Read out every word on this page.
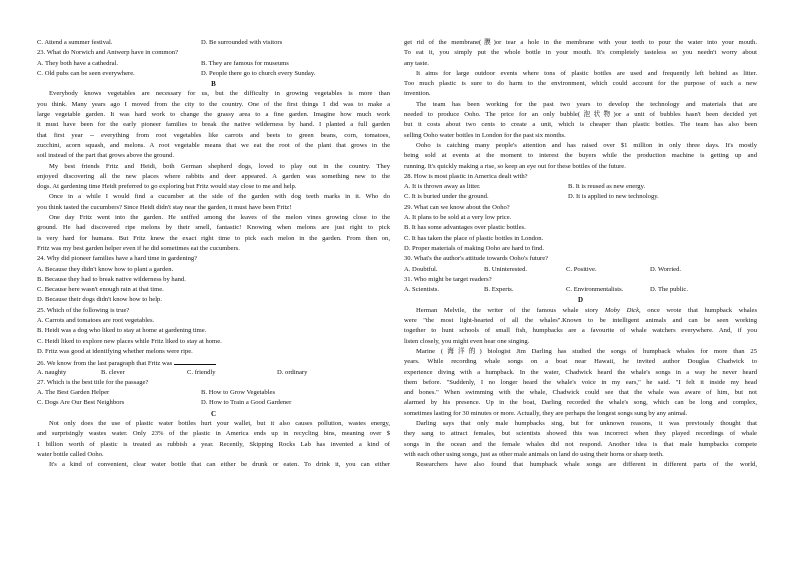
C. Attend a summer festival.	D. Be surrounded with visitors
23. What do Norwich and Antwerp have in common?
A. They both have a cathedral.	B. They are famous for museums
C. Old pubs can be seen everywhere.	D. People there go to church every Sunday.
B
Everybody knows vegetables are necessary for us, but the difficulty in growing vegetables is more than
you think. Many years ago I moved from the city to the country. One of the first things I did was to make a
large vegetable garden. It was hard work to change the grassy area to a fine garden. Imagine how much work
it must have been for the early pioneer families to break the native wilderness by hand. I planted a full garden
that first year -- everything from root vegetables like carrots and beets to green beans, corn, tomatoes,
zucchini, acorn squash, and melons. A root vegetable means that we eat the root of the plant that grows in the
soil instead of the part that grows above the ground.
My best friends Fritz and Heidi, both German shepherd dogs, loved to play out in the country. They
enjoyed discovering all the new places where rabbits and deer appeared. A garden was something new to the
dogs. At gardening time Heidi preferred to go exploring but Fritz would stay close to me and help.
Once in a while I would find a cucumber at the side of the garden with dog teeth marks in it. Who do
you think tasted the cucumbers? Since Heidi didn't stay near the garden, it must have been Fritz!
One day Fritz went into the garden. He sniffed among the leaves of the melon vines growing close to the
ground. He had discovered ripe melons by their smell, fantastic! Knowing when melons are just right to pick
is very hard for humans. But Fritz knew the exact right time to pick each melon in the garden. From then on,
Fritz was my best garden helper even if he did sometimes eat the cucumbers.
24. Why did pioneer families have a hard time in gardening?
A. Because they didn't know how to plant a garden.
B. Because they had to break native wilderness by hand.
C. Because here wasn't enough rain at that time.
D. Because their dogs didn't know how to help.
25. Which of the following is true?
A. Carrots and tomatoes are root vegetables.
B. Heidi was a dog who liked to stay at home at gardening time.
C. Heidi liked to explore new places while Fritz liked to stay at home.
D. Fritz was good at identifying whether melons were ripe.
26. We know from the last paragraph that Fritz was
A. naughty	B. clever	C. friendly	D. ordinary
27. Which is the best title for the passage?
A. The Best Garden Helper	B. How to Grow Vegetables
C. Dogs Are Our Best Neighbors	D. How to Train a Good Gardener
C
Not only does the use of plastic water bottles hurt your wallet, but it also causes pollution, wastes energy,
and surprisingly wastes water. Only 23% of the plastic in America ends up in recycling bins, meaning over $
1 billion worth of plastic is treated as rubbish a year. Recently, Skipping Rocks Lab has invented a kind of
water bottle called Ooho.
It's a kind of convenient, clear water bottle that can either be drunk or eaten. To drink it, you can either
get rid of the membrane(膜)or tear a hole in the membrane with your teeth to pour the water into your mouth.
To eat it, you simply put the whole bottle in your mouth. It's completely tasteless so you needn't worry about
any taste.
It aims for large outdoor events where tons of plastic bottles are used and frequently left behind as litter.
Too much plastic is sure to do harm to the environment, which could account for the purpose of such a new
invention.
The team has been working for the past two years to develop the technology and materials that are
needed to produce Ooho. The price for an only bubble(泡状物)or a unit of bubbles hasn't been decided yet
but it costs about two cents to create a unit, which is cheaper than plastic bottles. The team has also been
selling Ooho water bottles in London for the past six months.
Ooho is catching many people's attention and has raised over $1 million in only three days. It's mostly
being sold at events at the moment to interest the buyers while the production machine is getting up and
running. It's quickly making a rise, so keep an eye out for these bottles of the future.
28. How is most plastic in America dealt with?
A. It is thrown away as litter.	B. It is reused as new energy.
C. It is buried under the ground.	D. It is applied to new technology.
29. What can we know about the Ooho?
A. It plans to be sold at a very low price.
B. It has some advantages over plastic bottles.
C. It has taken the place of plastic bottles in London.
D. Proper materials of making Ooho are hard to find.
30. What's the author's attitude towards Ooho's future?
A. Doubtful.	B. Uninterested.	C. Positive.	D. Worried.
31. Who might be target readers?
A. Scientists.	B. Experts.	C. Environmentalists.	D. The public.
D
Herman Melvile, the writer of the famous whale story Moby Dick, once wrote that humpback whales
were "the most light-hearted of all the whales".Known to be intelligent animals and can be seen working
together to hunt schools of small fish, humpbacks are a favourite of whale watchers everywhere. And, if you
listen closely, you might even hear one singing.
Marine (海洋的) biologist Jim Darling has studied the songs of humpback whales for more than 25
years. While recording whale songs on a boat near Hawaii, he invited author Douglas Chadwick to
experience diving with a humpback. In the water, Chadwick heard the whale's songs in a way he never heard
them before. "Suddenly, I no longer heard the whale's voice in my ears," he said. "I felt it inside my head
and bones." When swimming with the whale, Chadwick could see that the whale was aware of him, but not
alarmed by his presence. Up in the boat, Darling recorded the whale's song, which can be long and complex,
sometimes lasting for 30 minutes or more. Actually, they are perhaps the longest songs sung by any animal.
Darling says that only male humpbacks sing, but for unknown reasons, it was previously thought that
they sang to attract females, but scientists showed this was incorrect when they played recordings of whale
songs in the ocean and the female whales did not respond. Another idea is that male humpbacks compete
with each other using songs, just as other male animals on land do using their horns or sharp teeth.
Researchers have also found that humpback whale songs are different in different parts of the world,
